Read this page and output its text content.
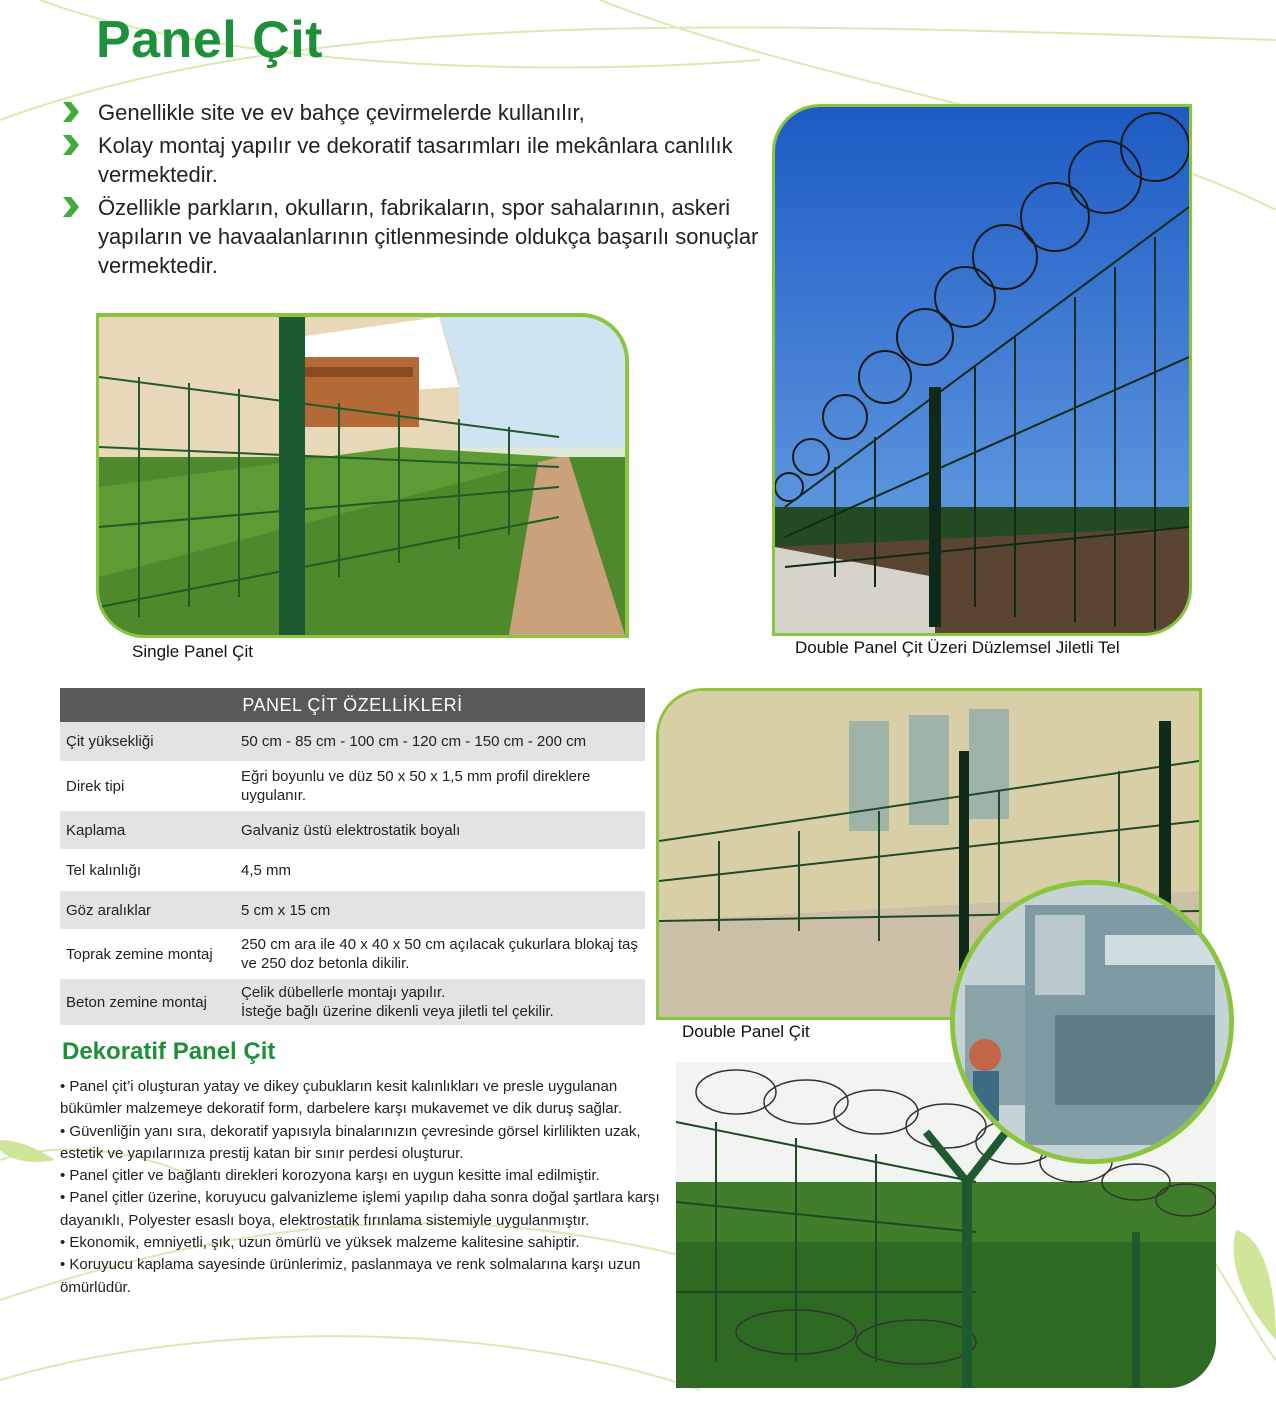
Panel Çit
Genellikle site ve ev bahçe çevirmelerde kullanılır,
Kolay montaj yapılır ve dekoratif tasarımları ile mekânlara canlılık vermektedir.
Özellikle parkların, okulların, fabrikaların, spor sahalarının, askeri yapıların ve havaalanlarının çitlenmesinde oldukça başarılı sonuçlar vermektedir.
Single Panel Çit	Double Panel Çit Üzeri Düzlemsel Jiletli Tel
PANEL ÇİT ÖZELLİKLERİ	
Çit yüksekliği	50 cm - 85 cm - 100 cm - 120 cm - 150 cm - 200 cm
Direk tipi	Eğri boyunlu ve düz 50 x 50 x 1,5 mm profil direklere uygulanır.
Kaplama	Galvaniz üstü elektrostatik boyalı
Tel kalınlığı	4,5 mm
Göz aralıklar	5 cm x 15 cm
Toprak zemine montaj	250 cm ara ile 40 x 40 x 50 cm açılacak çukurlara blokaj taş ve 250 doz betonla dikilir.
Beton zemine montaj	Çelik dübellerle montajı yapılır.
İsteğe bağlı üzerine dikenli veya jiletli tel çekilir.
Double Panel Çit
Dekoratif Panel Çit

• Panel çit’i oluşturan yatay ve dikey çubukların kesit kalınlıkları ve presle uygulanan bükümler malzemeye dekoratif form, darbelere karşı mukavemet ve dik duruş sağlar.

• Güvenliğin yanı sıra, dekoratif yapısıyla binalarınızın çevresinde görsel kirlilikten uzak, estetik ve yapılarınıza prestij katan bir sınır perdesi oluşturur.

• Panel çitler ve bağlantı direkleri korozyona karşı en uygun kesitte imal edilmiştir.

• Panel çitler üzerine, koruyucu galvanizleme işlemi yapılıp daha sonra doğal şartlara karşı dayanıklı, Polyester esaslı boya, elektrostatik fırınlama sistemiyle uygulanmıştır.

• Ekonomik, emniyetli, şık, uzun ömürlü ve yüksek malzeme kalitesine sahiptir.

• Koruyucu kaplama sayesinde ürünlerimiz, paslanmaya ve renk solmalarına karşı uzun ömürlüdür.
